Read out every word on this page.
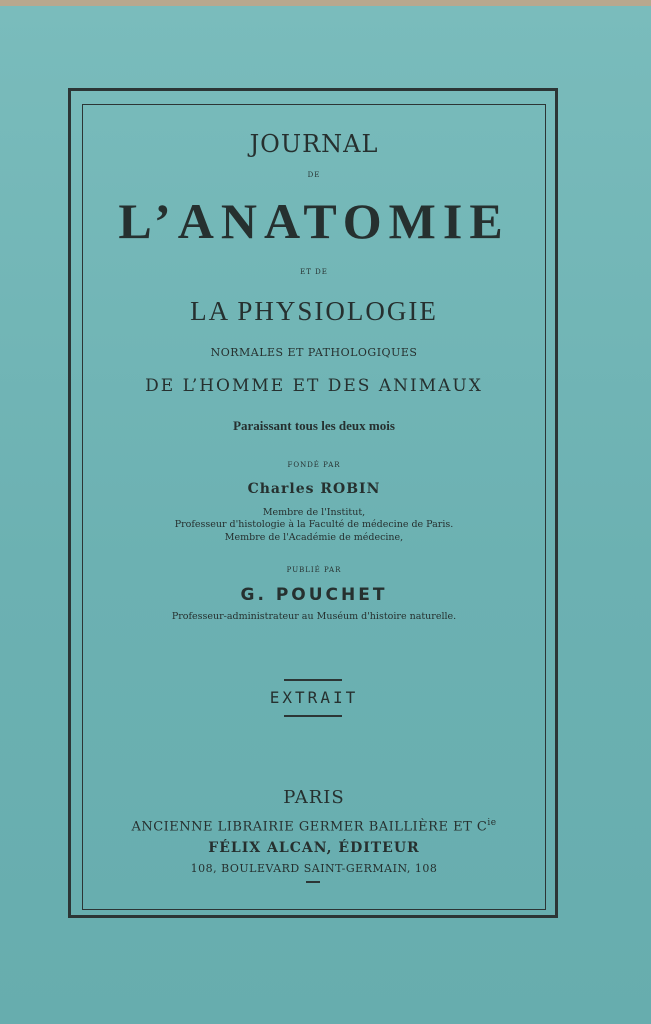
JOURNAL
DE
L’ANATOMIE
ET DE
LA PHYSIOLOGIE
NORMALES ET PATHOLOGIQUES
DE L’HOMME ET DES ANIMAUX
Paraissant tous les deux mois
FONDÉ PAR
Charles ROBIN
Membre de l'Institut,
Professeur d'histologie à la Faculté de médecine de Paris.
Membre de l'Académie de médecine,
PUBLIÉ PAR
G. POUCHET
Professeur-administrateur au Muséum d'histoire naturelle.
EXTRAIT
PARIS
ANCIENNE LIBRAIRIE GERMER BAILLIÈRE ET $C^{ie}$
FÉLIX ALCAN, ÉDITEUR
108, BOULEVARD SAINT-GERMAIN, 108
